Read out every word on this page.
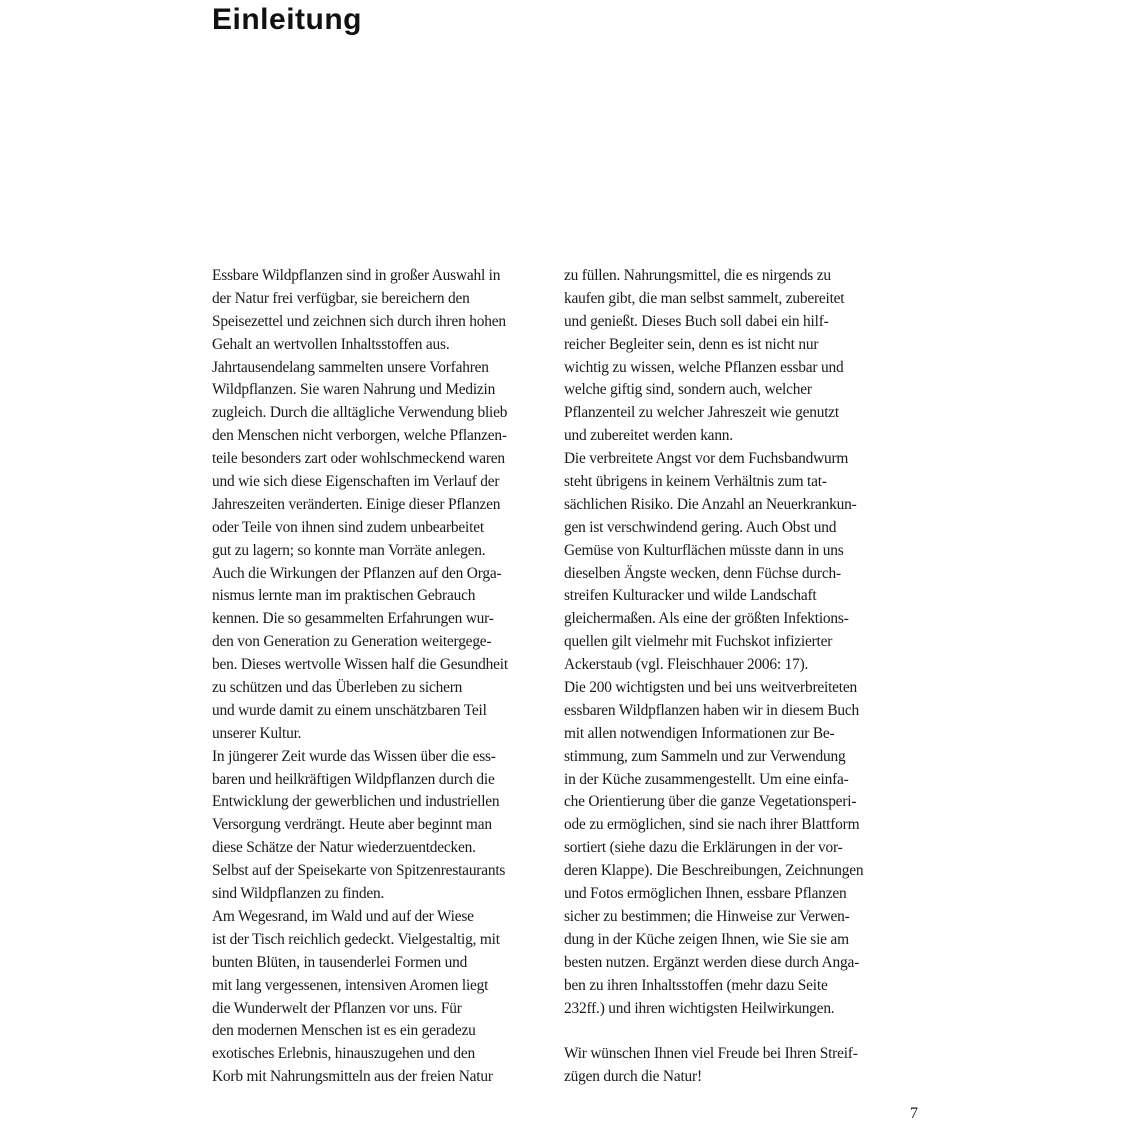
Einleitung
Essbare Wildpflanzen sind in großer Auswahl in
der Natur frei verfügbar, sie bereichern den
Speisezettel und zeichnen sich durch ihren hohen
Gehalt an wertvollen Inhaltsstoffen aus.
Jahrtausendelang sammelten unsere Vorfahren
Wildpflanzen. Sie waren Nahrung und Medizin
zugleich. Durch die alltägliche Verwendung blieb
den Menschen nicht verborgen, welche Pflanzen-
teile besonders zart oder wohlschmeckend waren
und wie sich diese Eigenschaften im Verlauf der
Jahreszeiten veränderten. Einige dieser Pflanzen
oder Teile von ihnen sind zudem unbearbeitet
gut zu lagern; so konnte man Vorräte anlegen.
Auch die Wirkungen der Pflanzen auf den Orga-
nismus lernte man im praktischen Gebrauch
kennen. Die so gesammelten Erfahrungen wur-
den von Generation zu Generation weitergege-
ben. Dieses wertvolle Wissen half die Gesundheit
zu schützen und das Überleben zu sichern
und wurde damit zu einem unschätzbaren Teil
unserer Kultur.
In jüngerer Zeit wurde das Wissen über die ess-
baren und heilkräftigen Wildpflanzen durch die
Entwicklung der gewerblichen und industriellen
Versorgung verdrängt. Heute aber beginnt man
diese Schätze der Natur wiederzuentdecken.
Selbst auf der Speisekarte von Spitzenrestaurants
sind Wildpflanzen zu finden.
Am Wegesrand, im Wald und auf der Wiese
ist der Tisch reichlich gedeckt. Vielgestaltig, mit
bunten Blüten, in tausenderlei Formen und
mit lang vergessenen, intensiven Aromen liegt
die Wunderwelt der Pflanzen vor uns. Für
den modernen Menschen ist es ein geradezu
exotisches Erlebnis, hinauszugehen und den
Korb mit Nahrungsmitteln aus der freien Natur
zu füllen. Nahrungsmittel, die es nirgends zu
kaufen gibt, die man selbst sammelt, zubereitet
und genießt. Dieses Buch soll dabei ein hilf-
reicher Begleiter sein, denn es ist nicht nur
wichtig zu wissen, welche Pflanzen essbar und
welche giftig sind, sondern auch, welcher
Pflanzenteil zu welcher Jahreszeit wie genutzt
und zubereitet werden kann.
Die verbreitete Angst vor dem Fuchsbandwurm
steht übrigens in keinem Verhältnis zum tat-
sächlichen Risiko. Die Anzahl an Neuerkrankun-
gen ist verschwindend gering. Auch Obst und
Gemüse von Kulturflächen müsste dann in uns
dieselben Ängste wecken, denn Füchse durch-
streifen Kulturacker und wilde Landschaft
gleichermaßen. Als eine der größten Infektions-
quellen gilt vielmehr mit Fuchskot infizierter
Ackerstaub (vgl. Fleischhauer 2006: 17).
Die 200 wichtigsten und bei uns weitverbreiteten
essbaren Wildpflanzen haben wir in diesem Buch
mit allen notwendigen Informationen zur Be-
stimmung, zum Sammeln und zur Verwendung
in der Küche zusammengestellt. Um eine einfa-
che Orientierung über die ganze Vegetationsperi-
ode zu ermöglichen, sind sie nach ihrer Blattform
sortiert (siehe dazu die Erklärungen in der vor-
deren Klappe). Die Beschreibungen, Zeichnungen
und Fotos ermöglichen Ihnen, essbare Pflanzen
sicher zu bestimmen; die Hinweise zur Verwen-
dung in der Küche zeigen Ihnen, wie Sie sie am
besten nutzen. Ergänzt werden diese durch Anga-
ben zu ihren Inhaltsstoffen (mehr dazu Seite
232ff.) und ihren wichtigsten Heilwirkungen.
Wir wünschen Ihnen viel Freude bei Ihren Streif-
zügen durch die Natur!
7
